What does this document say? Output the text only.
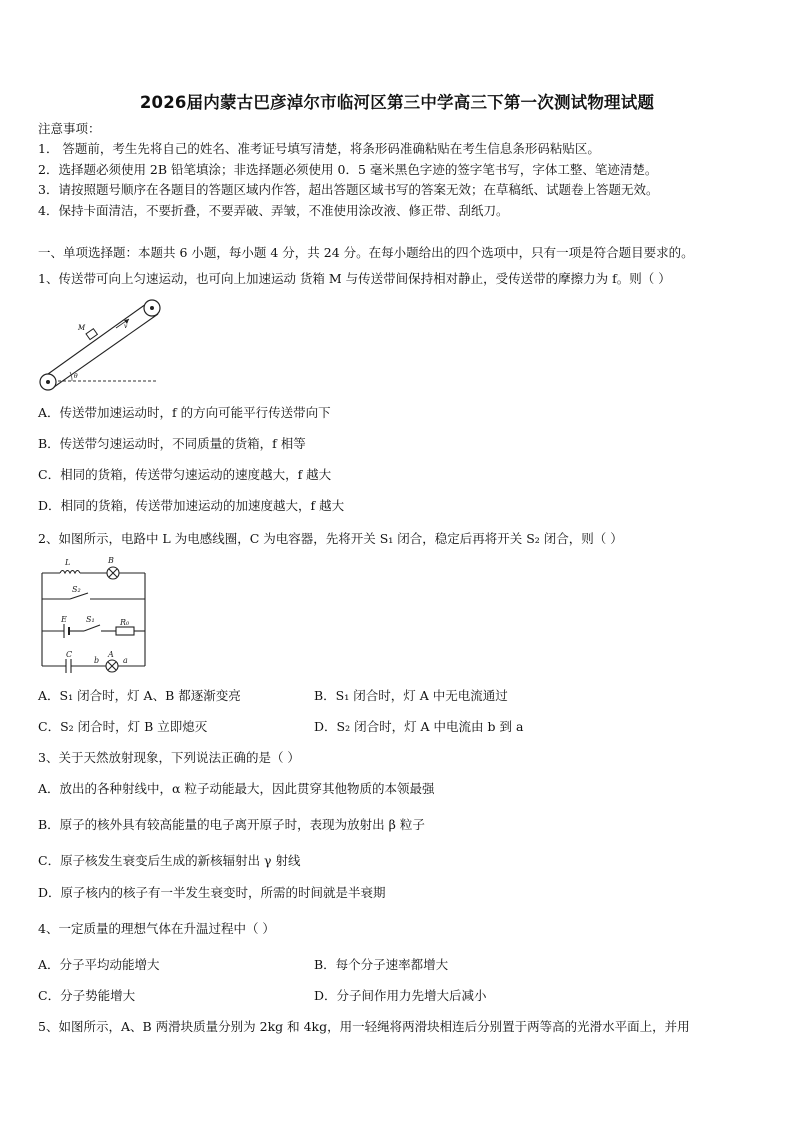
2026届内蒙古巴彦淖尔市临河区第三中学高三下第一次测试物理试题
注意事项：
1． 答题前，考生先将自己的姓名、准考证号填写清楚，将条形码准确粘贴在考生信息条形码粘贴区。
2．选择题必须使用 2B 铅笔填涂；非选择题必须使用 0．5 毫米黑色字迹的签字笔书写，字体工整、笔迹清楚。
3．请按照题号顺序在各题目的答题区域内作答，超出答题区域书写的答案无效；在草稿纸、试题卷上答题无效。
4．保持卡面清洁，不要折叠，不要弄破、弄皱，不准使用涂改液、修正带、刮纸刀。
一、单项选择题：本题共 6 小题，每小题 4 分，共 24 分。在每小题给出的四个选项中，只有一项是符合题目要求的。
1、传送带可向上匀速运动，也可向上加速运动 货箱 M 与传送带间保持相对静止，受传送带的摩擦力为 f。则（ ）
M	v
θ
A．传送带加速运动时，f 的方向可能平行传送带向下
B．传送带匀速运动时，不同质量的货箱，f 相等
C．相同的货箱，传送带匀速运动的速度越大，f 越大
D．相同的货箱，传送带加速运动的加速度越大，f 越大
2、如图所示，电路中 L 为电感线圈，C 为电容器，先将开关 S₁ 闭合，稳定后再将开关 S₂ 闭合，则（ ）
L	B
S₂
E S₁	R₀
C
b
A
a
A．S₁ 闭合时，灯 A、B 都逐渐变亮	B．S₁ 闭合时，灯 A 中无电流通过
C．S₂ 闭合时，灯 B 立即熄灭	D．S₂ 闭合时，灯 A 中电流由 b 到 a
3、关于天然放射现象，下列说法正确的是（ ）
A．放出的各种射线中，α 粒子动能最大，因此贯穿其他物质的本领最强
B．原子的核外具有较高能量的电子离开原子时，表现为放射出 β 粒子
C．原子核发生衰变后生成的新核辐射出 γ 射线
D．原子核内的核子有一半发生衰变时，所需的时间就是半衰期
4、一定质量的理想气体在升温过程中（ ）
A．分子平均动能增大	B．每个分子速率都增大
C．分子势能增大	D．分子间作用力先增大后减小
5、如图所示，A、B 两滑块质量分别为 2kg 和 4kg，用一轻绳将两滑块相连后分别置于两等高的光滑水平面上，并用
